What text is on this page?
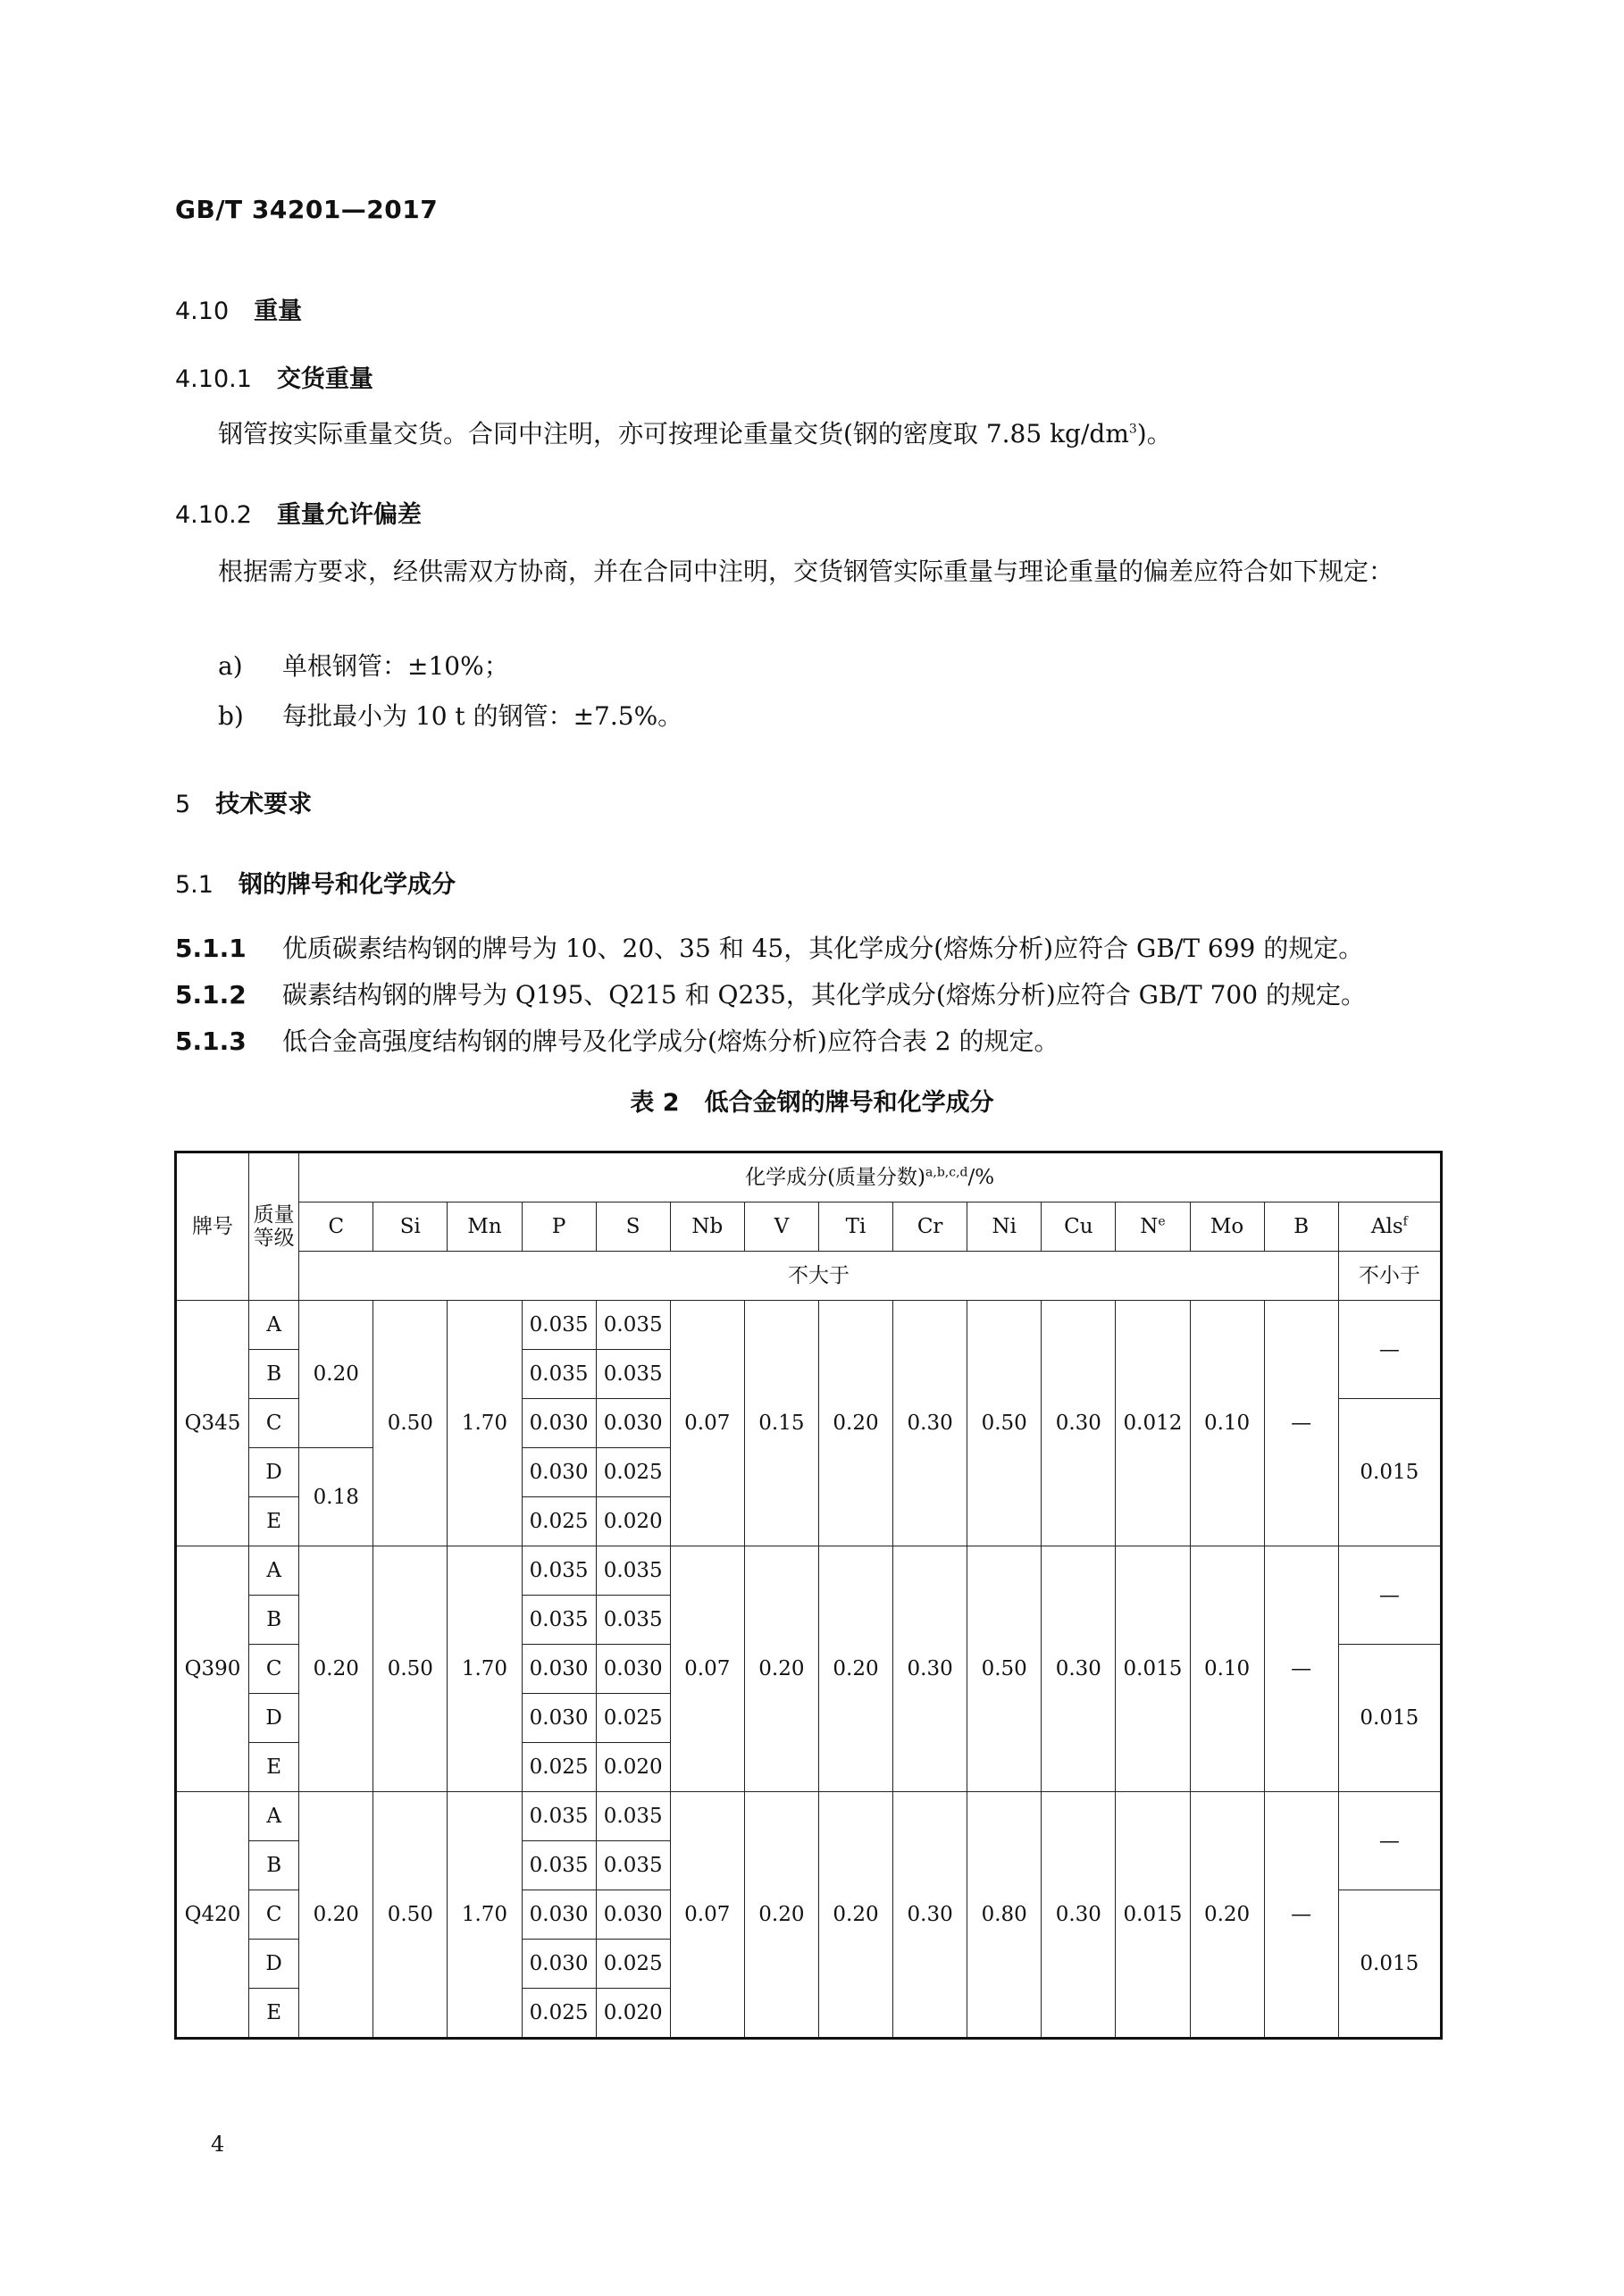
GB/T 34201—2017
4.10 重量
4.10.1 交货重量
钢管按实际重量交货。合同中注明，亦可按理论重量交货(钢的密度取 7.85 $kg/dm^3$)。
4.10.2 重量允许偏差
根据需方要求，经供需双方协商，并在合同中注明，交货钢管实际重量与理论重量的偏差应符合如下规定：
a) 单根钢管：±10%；
b) 每批最小为 10 t 的钢管：±7.5%。
5 技术要求
5.1 钢的牌号和化学成分
5.1.1 优质碳素结构钢的牌号为 10、20、35 和 45，其化学成分(熔炼分析)应符合 GB/T 699 的规定。
5.1.2 碳素结构钢的牌号为 Q195、Q215 和 Q235，其化学成分(熔炼分析)应符合 GB/T 700 的规定。
5.1.3 低合金高强度结构钢的牌号及化学成分(熔炼分析)应符合表 2 的规定。
表 2 低合金钢的牌号和化学成分
牌号	质量等级	化学成分(质量分数)$^{a,b,c,d}$/%														
		C	Si	Mn	P	S	Nb	V	Ti	Cr	Ni	Cu	$N^e$	Mo	B	Als$^f$
		不大于														不小于
Q345	A	0.20	0.50	1.70	0.035	0.035	0.07	0.15	0.20	0.30	0.50	0.30	0.012	0.10	—	—
	B				0.035	0.035										
	C				0.030	0.030										0.015
	D	0.18			0.030	0.025										
	E				0.025	0.020										
Q390	A	0.20	0.50	1.70	0.035	0.035	0.07	0.20	0.20	0.30	0.50	0.30	0.015	0.10	—	—
	B				0.035	0.035										
	C				0.030	0.030										0.015
	D				0.030	0.025										
	E				0.025	0.020										
Q420	A	0.20	0.50	1.70	0.035	0.035	0.07	0.20	0.20	0.30	0.80	0.30	0.015	0.20	—	—
	B				0.035	0.035										
	C				0.030	0.030										0.015
	D				0.030	0.025										
	E				0.025	0.020										
4
